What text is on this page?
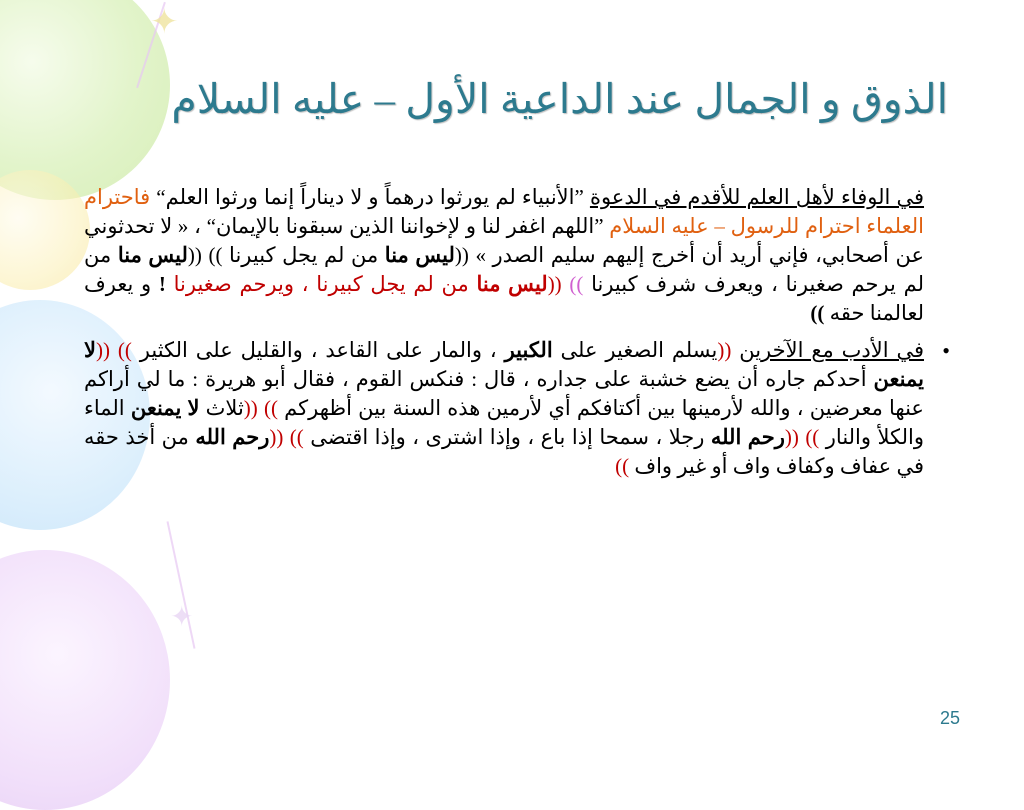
✦
✦
الذوق و الجمال عند الداعية الأول – عليه السلام

في الوفاء لأهل العلم للأقدم في الدعوة ”الأنبياء لم يورثوا درهماً و لا ديناراً إنما ورثوا العلم“ فاحترام العلماء احترام للرسول – عليه السلام ”اللهم اغفر لنا و لإخواننا الذين سبقونا بالإيمان“ ، « لا تحدثوني عن أصحابي، فإني أريد أن أخرج إليهم سليم الصدر » ((ليس منا من لم يجل كبيرنا )) ((ليس منا من لم يرحم صغيرنا ، ويعرف شرف كبيرنا )) ((ليس منا من لم يجل كبيرنا ، ويرحم صغيرنا ! و يعرف لعالمنا حقه ))

•
في الأدب مع الآخرين ((يسلم الصغير على الكبير ، والمار على القاعد ، والقليل على الكثير )) ((لا يمنعن أحدكم جاره أن يضع خشبة على جداره ، قال : فنكس القوم ، فقال أبو هريرة : ما لي أراكم عنها معرضين ، والله لأرمينها بين أكتافكم أي لأرمين هذه السنة بين أظهركم )) ((ثلاث لا يمنعن الماء والكلأ والنار )) ((رحم الله رجلا ، سمحا إذا باع ، وإذا اشترى ، وإذا اقتضى )) ((رحم الله من أخذ حقه في عفاف وكفاف واف أو غير واف ))

25
